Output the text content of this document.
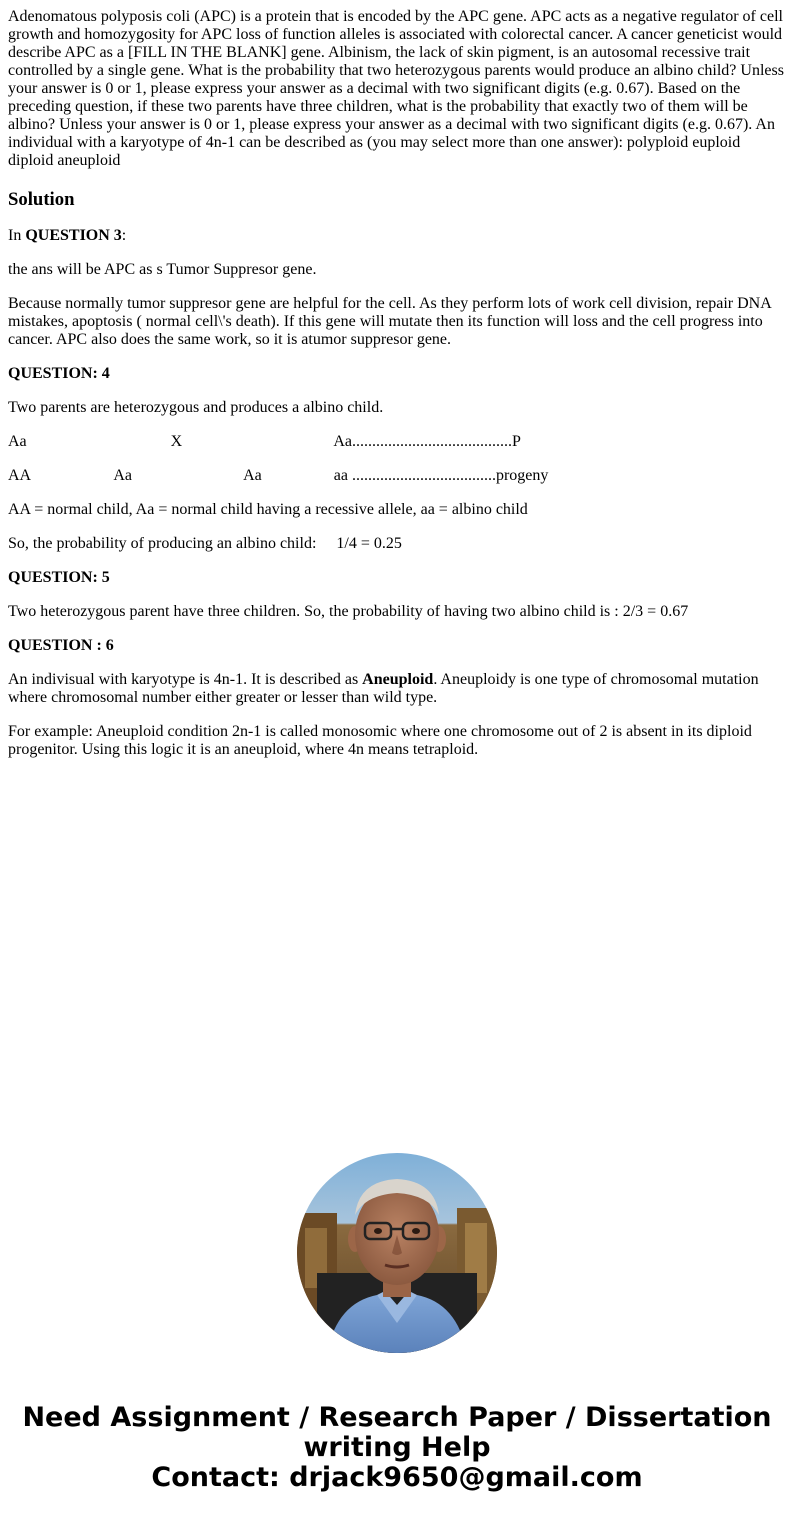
Adenomatous polyposis coli (APC) is a protein that is encoded by the APC gene. APC acts as a negative regulator of cell growth and homozygosity for APC loss of function alleles is associated with colorectal cancer. A cancer geneticist would describe APC as a [FILL IN THE BLANK] gene. Albinism, the lack of skin pigment, is an autosomal recessive trait controlled by a single gene. What is the probability that two heterozygous parents would produce an albino child? Unless your answer is 0 or 1, please express your answer as a decimal with two significant digits (e.g. 0.67). Based on the preceding question, if these two parents have three children, what is the probability that exactly two of them will be albino? Unless your answer is 0 or 1, please express your answer as a decimal with two significant digits (e.g. 0.67). An individual with a karyotype of 4n-1 can be described as (you may select more than one answer): polyploid euploid diploid aneuploid
Solution

In QUESTION 3:

the ans will be APC as s Tumor Suppresor gene.

Because normally tumor suppresor gene are helpful for the cell. As they perform lots of work cell division, repair DNA mistakes, apoptosis ( normal cell\'s death). If this gene will mutate then its function will loss and the cell progress into cancer. APC also does the same work, so it is atumor suppresor gene.

QUESTION: 4

Two parents are heterozygous and produces a albino child.

Aa                                    X                                      Aa........................................P

AA                     Aa                            Aa                  aa ....................................progeny

AA = normal child, Aa = normal child having a recessive allele, aa = albino child

So, the probability of producing an albino child:     1/4 = 0.25

QUESTION: 5

Two heterozygous parent have three children. So, the probability of having two albino child is : 2/3 = 0.67

QUESTION : 6

An indivisual with karyotype is 4n-1. It is described as Aneuploid. Aneuploidy is one type of chromosomal mutation where chromosomal number either greater or lesser than wild type.

For example: Aneuploid condition 2n-1 is called monosomic where one chromosome out of 2 is absent in its diploid progenitor. Using this logic it is an aneuploid, where 4n means tetraploid.

Need Assignment / Research Paper / Dissertation
writing Help
Contact: drjack9650@gmail.com
